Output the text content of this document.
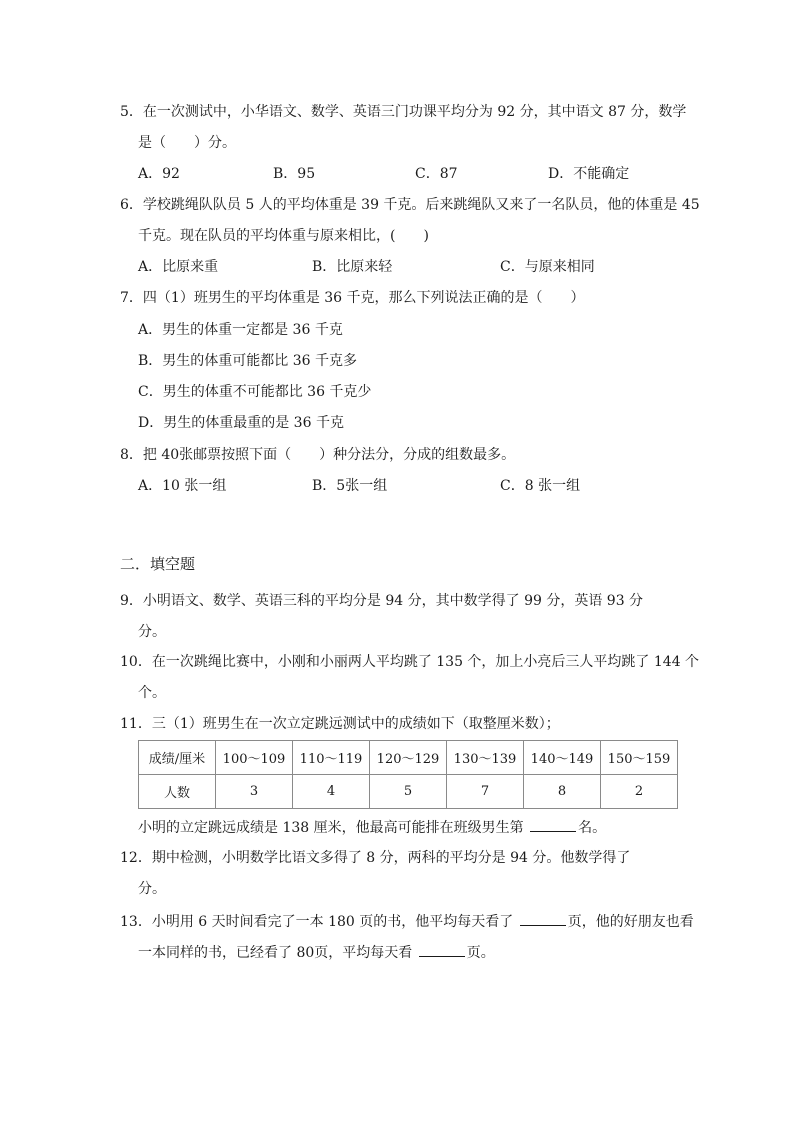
5．在一次测试中，小华语文、数学、英语三门功课平均分为 92 分，其中语文 87 分，数学
是（　　）分。
A．92	B．95	C．87	D．不能确定
6．学校跳绳队队员 5 人的平均体重是 39 千克。后来跳绳队又来了一名队员，他的体重是 45
千克。现在队员的平均体重与原来相比，(　　)
A．比原来重	B．比原来轻	C．与原来相同
7．四（1）班男生的平均体重是 36 千克，那么下列说法正确的是（　　）
A．男生的体重一定都是 36 千克
B．男生的体重可能都比 36 千克多
C．男生的体重不可能都比 36 千克少
D．男生的体重最重的是 36 千克
8．把 40张邮票按照下面（　　）种分法分，分成的组数最多。
A．10 张一组	B．5张一组	C．8 张一组
二．填空题
9．小明语文、数学、英语三科的平均分是 94 分，其中数学得了 99 分，英语 93 分
分。
10．在一次跳绳比赛中，小刚和小丽两人平均跳了 135 个，加上小亮后三人平均跳了 144 个
个。
11．三（1）班男生在一次立定跳远测试中的成绩如下（取整厘米数）；
成绩/厘米	100～109	110～119	120～129	130～139	140～149	150～159
人数	3	4	5	7	8	2
小明的立定跳远成绩是 138 厘米，他最高可能排在班级男生第	名。
12．期中检测，小明数学比语文多得了 8 分，两科的平均分是 94 分。他数学得了
分。
13．小明用 6 天时间看完了一本 180 页的书，他平均每天看了	页，他的好朋友也看
一本同样的书，已经看了 80页，平均每天看	页。
